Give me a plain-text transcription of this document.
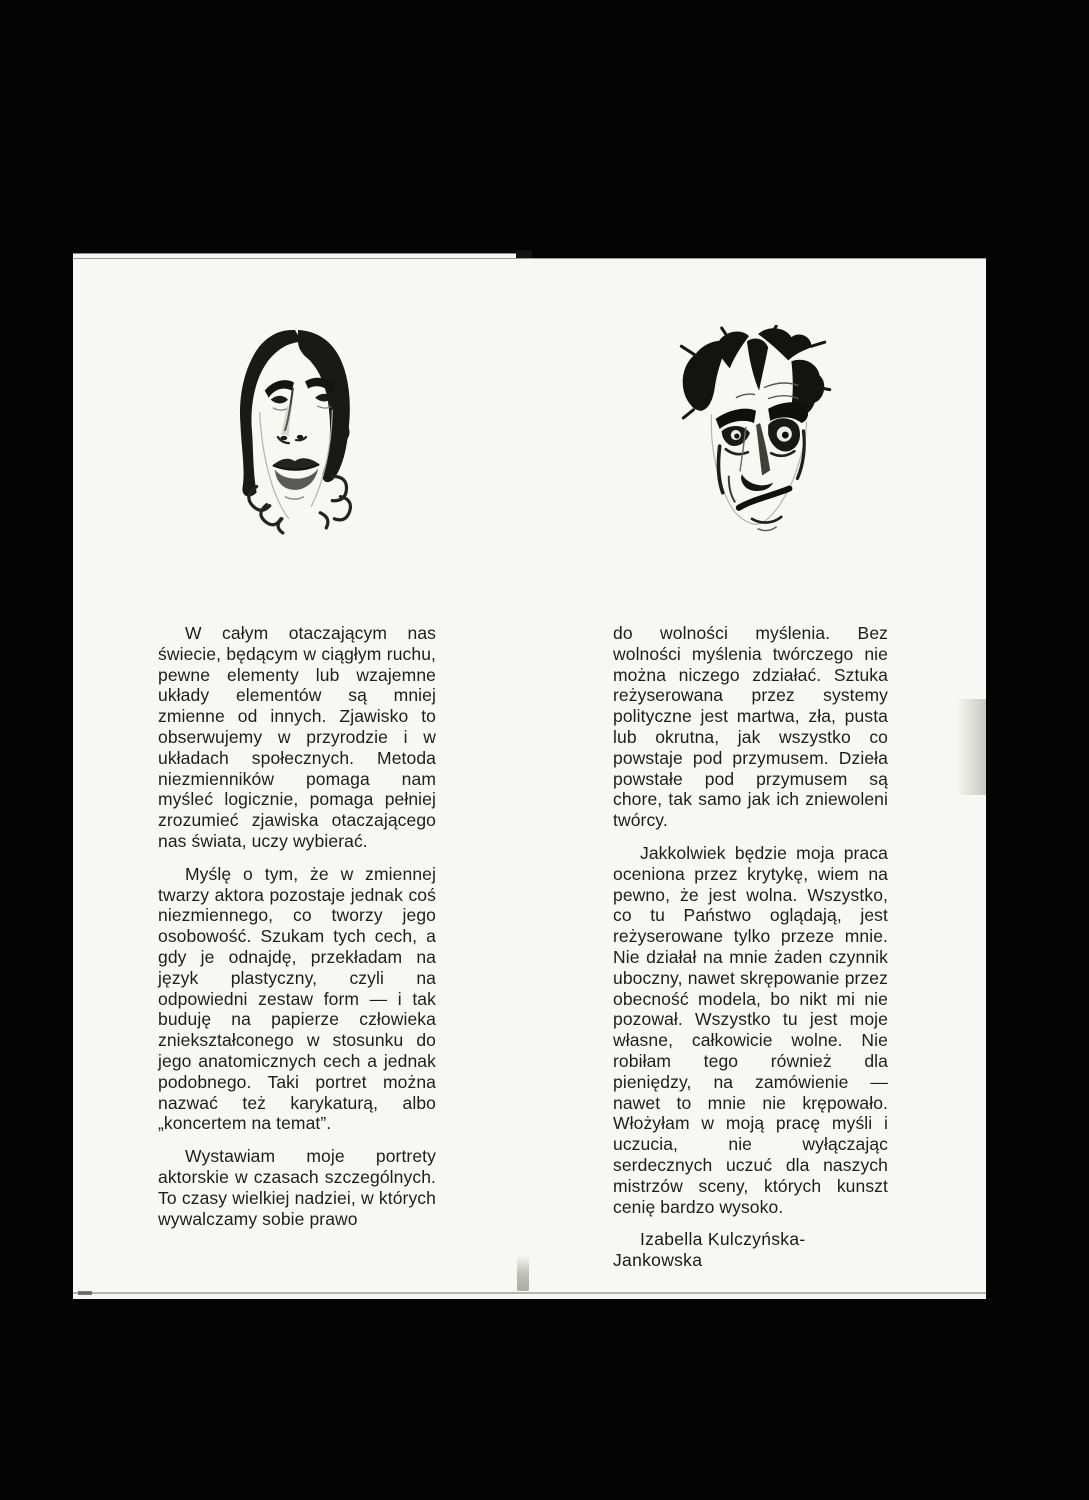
W całym otaczającym nas świecie, będącym w ciągłym ruchu, pewne elementy lub wzajemne układy elementów są mniej zmienne od innych. Zjawisko to obserwujemy w przyrodzie i w układach społecznych. Metoda niezmienników pomaga nam myśleć logicznie, pomaga pełniej zrozumieć zjawiska otaczającego nas świata, uczy wybierać.

Myślę o tym, że w zmiennej twarzy aktora pozostaje jednak coś niezmiennego, co tworzy jego osobowość. Szukam tych cech, a gdy je odnajdę, przekładam na język plastyczny, czyli na odpowiedni zestaw form — i tak buduję na papierze człowieka zniekształconego w stosunku do jego anatomicznych cech a jednak podobnego. Taki portret można nazwać też karykaturą, albo „koncertem na temat”.

Wystawiam moje portrety aktorskie w czasach szczególnych. To czasy wielkiej nadziei, w których wywalczamy sobie prawo

do wolności myślenia. Bez wolności myślenia twórczego nie można niczego zdziałać. Sztuka reżyserowana przez systemy polityczne jest martwa, zła, pusta lub okrutna, jak wszystko co powstaje pod przymusem. Dzieła powstałe pod przymusem są chore, tak samo jak ich zniewoleni twórcy.

Jakkolwiek będzie moja praca oceniona przez krytykę, wiem na pewno, że jest wolna. Wszystko, co tu Państwo oglądają, jest reżyserowane tylko przeze mnie. Nie działał na mnie żaden czynnik uboczny, nawet skrępowanie przez obecność modela, bo nikt mi nie pozował. Wszystko tu jest moje własne, całkowicie wolne. Nie robiłam tego również dla pieniędzy, na zamówienie — nawet to mnie nie krępowało. Włożyłam w moją pracę myśli i uczucia, nie wyłączając serdecznych uczuć dla naszych mistrzów sceny, których kunszt cenię bardzo wysoko.

Izabella Kulczyńska-Jankowska
